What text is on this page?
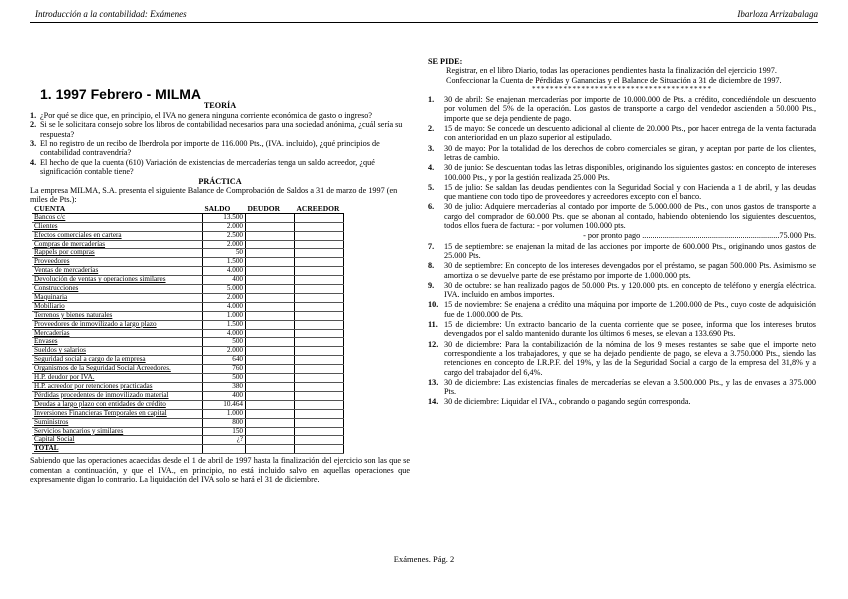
Introducción a la contabilidad: Exámenes	Ibarloza Arrizabalaga
1. 1997 Febrero - MILMA
TEORÍA
1. ¿Por qué se dice que, en principio, el IVA no genera ninguna corriente económica de gasto o ingreso?
2. Si se le solicitara consejo sobre los libros de contabilidad necesarios para una sociedad anónima, ¿cuál sería su respuesta?
3. El no registro de un recibo de Iberdrola por importe de 116.000 Pts., (IVA. incluido), ¿qué principios de contabilidad contravendría?
4. El hecho de que la cuenta (610) Variación de existencias de mercaderías tenga un saldo acreedor, ¿qué significación contable tiene?
PRÁCTICA

La empresa MILMA, S.A. presenta el siguiente Balance de Comprobación de Saldos a 31 de marzo de 1997 (en miles de Pts.):

CUENTA	SALDO	DEUDOR	ACREEDOR
Bancos c/c	13.500		
Clientes	2.000		
Efectos comerciales en cartera	2.500		
Compras de mercaderías	2.000		
Rappels por compras	50		
Proveedores	1.500		
Ventas de mercaderías	4.000		
Devolución de ventas y operaciones similares	400		
Construcciones	5.000		
Maquinaria	2.000		
Mobiliario	4.000		
Terrenos y bienes naturales	1.000		
Proveedores de inmovilizado a largo plazo	1.500		
Mercaderías	4.000		
Envases	500		
Sueldos y salarios	2.000		
Seguridad social a cargo de la empresa	640		
Organismos de la Seguridad Social Acreedores.	760		
H.P. deudor por IVA.	500		
H.P. acreedor por retenciones practicadas	380		
Pérdidas procedentes de inmovilizado material	400		
Deudas a largo plazo con entidades de crédito	10.464		
Inversiones Financieras Temporales en capital	1.000		
Suministros	800		
Servicios bancarios y similares	150		
Capital Social	¿?		
TOTAL			

Sabiendo que las operaciones acaecidas desde el 1 de abril de 1997 hasta la finalización del ejercicio son las que se comentan a continuación, y que el IVA., en principio, no está incluido salvo en aquellas operaciones que expresamente digan lo contrario. La liquidación del IVA solo se hará el 31 de diciembre.

SE PIDE:

Registrar, en el libro Diario, todas las operaciones pendientes hasta la finalización del ejercicio 1997.

Confeccionar la Cuenta de Pérdidas y Ganancias y el Balance de Situación a 31 de diciembre de 1997.

****************************************

1.	30 de abril: Se enajenan mercaderías por importe de 10.000.000 de Pts. a crédito, concediéndole un descuento por volumen del 5% de la operación. Los gastos de transporte a cargo del vendedor ascienden a 50.000 Pts., importe que se deja pendiente de pago.
2.	15 de mayo: Se concede un descuento adicional al cliente de 20.000 Pts., por hacer entrega de la venta facturada con anterioridad en un plazo superior al estipulado.
3.	30 de mayo: Por la totalidad de los derechos de cobro comerciales se giran, y aceptan por parte de los clientes, letras de cambio.
4.	30 de junio: Se descuentan todas las letras disponibles, originando los siguientes gastos: en concepto de intereses 100.000 Pts., y por la gestión realizada 25.000 Pts.
5.	15 de julio: Se saldan las deudas pendientes con la Seguridad Social y con Hacienda a 1 de abril, y las deudas que mantiene con todo tipo de proveedores y acreedores excepto con el banco.
6.	30 de julio: Adquiere mercaderías al contado por importe de 5.000.000 de Pts., con unos gastos de transporte a cargo del comprador de 60.000 Pts. que se abonan al contado, habiendo obteniendo los siguientes descuentos, todos ellos fuera de factura: - por volumen 100.000 pts.
- por pronto pago ...................................................................75.000 Pts.
7.	15 de septiembre: se enajenan la mitad de las acciones por importe de 600.000 Pts., originando unos gastos de 25.000 Pts.
8.	30 de septiembre: En concepto de los intereses devengados por el préstamo, se pagan 500.000 Pts. Asimismo se amortiza o se devuelve parte de ese préstamo por importe de 1.000.000 pts.
9.	30 de octubre: se han realizado pagos de 50.000 Pts. y 120.000 pts. en concepto de teléfono y energía eléctrica. IVA. incluido en ambos importes.
10. 15 de noviembre: Se enajena a crédito una máquina por importe de 1.200.000 de Pts., cuyo coste de adquisición fue de 1.000.000 de Pts.
11. 15 de diciembre: Un extracto bancario de la cuenta corriente que se posee, informa que los intereses brutos devengados por el saldo mantenido durante los últimos 6 meses, se elevan a 133.690 Pts.
12. 30 de diciembre: Para la contabilización de la nómina de los 9 meses restantes se sabe que el importe neto correspondiente a los trabajadores, y que se ha dejado pendiente de pago, se eleva a 3.750.000 Pts., siendo las retenciones en concepto de I.R.P.F. del 19%, y las de la Seguridad Social a cargo de la empresa del 31,8% y a cargo del trabajador del 6,4%.
13. 30 de diciembre: Las existencias finales de mercaderías se elevan a 3.500.000 Pts., y las de envases a 375.000 Pts.
14. 30 de diciembre: Liquidar el IVA., cobrando o pagando según corresponda.
Exámenes. Pág. 2
